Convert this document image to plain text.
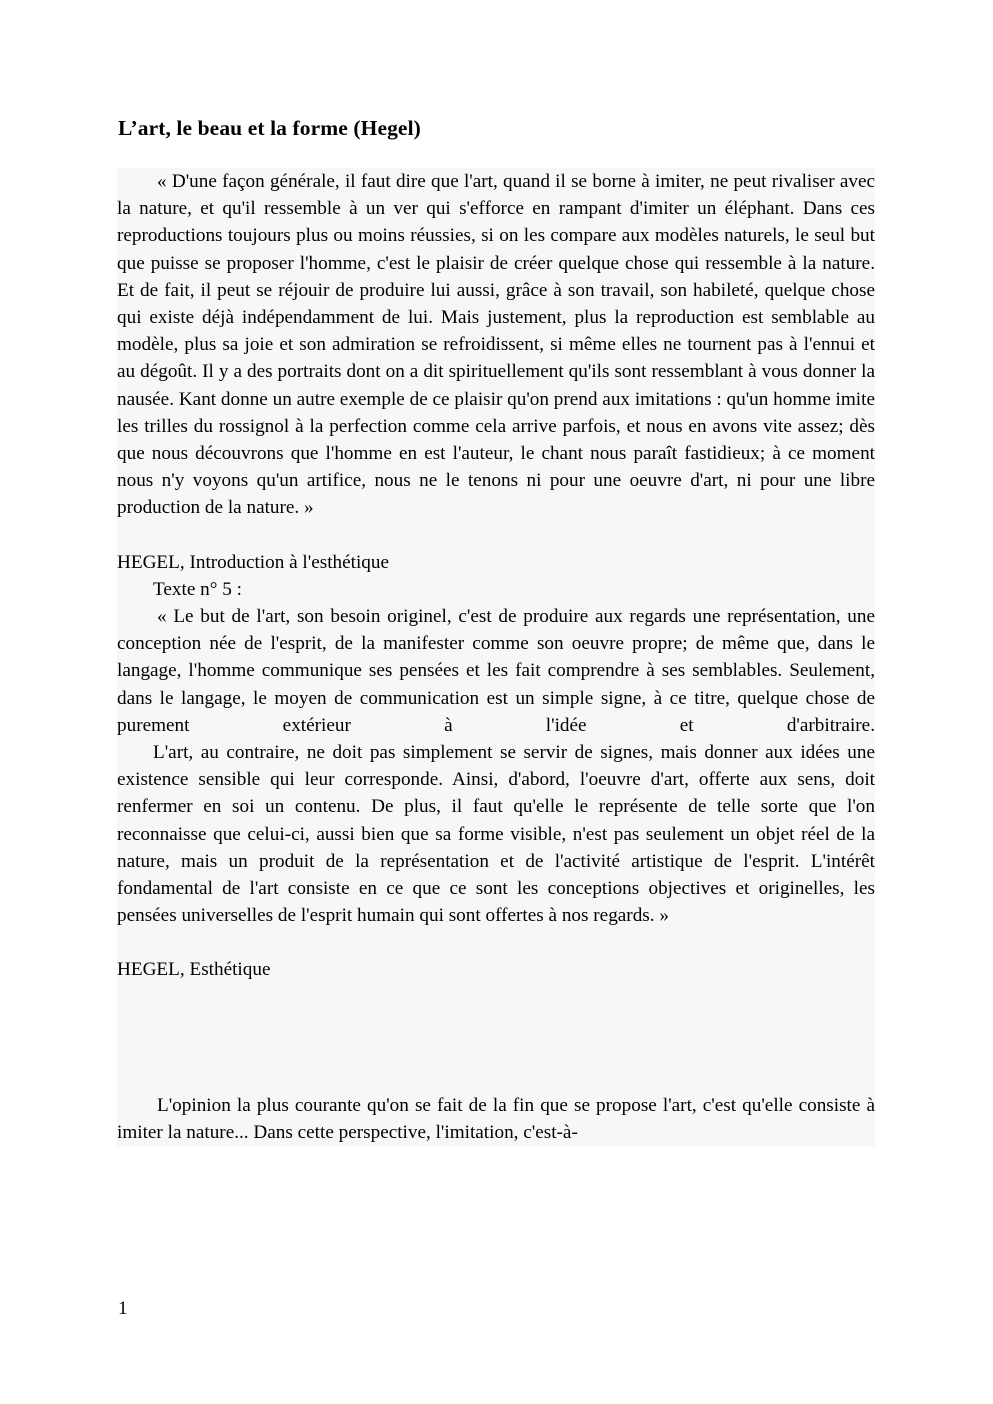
L’art, le beau et la forme (Hegel)

« D'une façon générale, il faut dire que l'art, quand il se borne à imiter, ne peut rivaliser avec la nature, et qu'il ressemble à un ver qui s'efforce en rampant d'imiter un éléphant. Dans ces reproductions toujours plus ou moins réussies, si on les compare aux modèles naturels, le seul but que puisse se proposer l'homme, c'est le plaisir de créer quelque chose qui ressemble à la nature. Et de fait, il peut se réjouir de produire lui aussi, grâce à son travail, son habileté, quelque chose qui existe déjà indépendamment de lui. Mais justement, plus la reproduction est semblable au modèle, plus sa joie et son admiration se refroidissent, si même elles ne tournent pas à l'ennui et au dégoût. Il y a des portraits dont on a dit spirituellement qu'ils sont ressemblant à vous donner la nausée. Kant donne un autre exemple de ce plaisir qu'on prend aux imitations : qu'un homme imite les trilles du rossignol à la perfection comme cela arrive parfois, et nous en avons vite assez; dès que nous découvrons que l'homme en est l'auteur, le chant nous paraît fastidieux; à ce moment nous n'y voyons qu'un artifice, nous ne le tenons ni pour une oeuvre d'art, ni pour une libre production de la nature. »

HEGEL, Introduction à l'esthétique

Texte n° 5 :

« Le but de l'art, son besoin originel, c'est de produire aux regards une représentation, une conception née de l'esprit, de la manifester comme son oeuvre propre; de même que, dans le langage, l'homme communique ses pensées et les fait comprendre à ses semblables. Seulement, dans le langage, le moyen de communication est un simple signe, à ce titre, quelque chose de purement extérieur à l'idée et d'arbitraire.

L'art, au contraire, ne doit pas simplement se servir de signes, mais donner aux idées une existence sensible qui leur corresponde. Ainsi, d'abord, l'oeuvre d'art, offerte aux sens, doit renfermer en soi un contenu. De plus, il faut qu'elle le représente de telle sorte que l'on reconnaisse que celui-ci, aussi bien que sa forme visible, n'est pas seulement un objet réel de la nature, mais un produit de la représentation et de l'activité artistique de l'esprit. L'intérêt fondamental de l'art consiste en ce que ce sont les conceptions objectives et originelles, les pensées universelles de l'esprit humain qui sont offertes à nos regards. »

HEGEL, Esthétique

L'opinion la plus courante qu'on se fait de la fin que se propose l'art, c'est qu'elle consiste à imiter la nature... Dans cette perspective, l'imitation, c'est-à-

1
